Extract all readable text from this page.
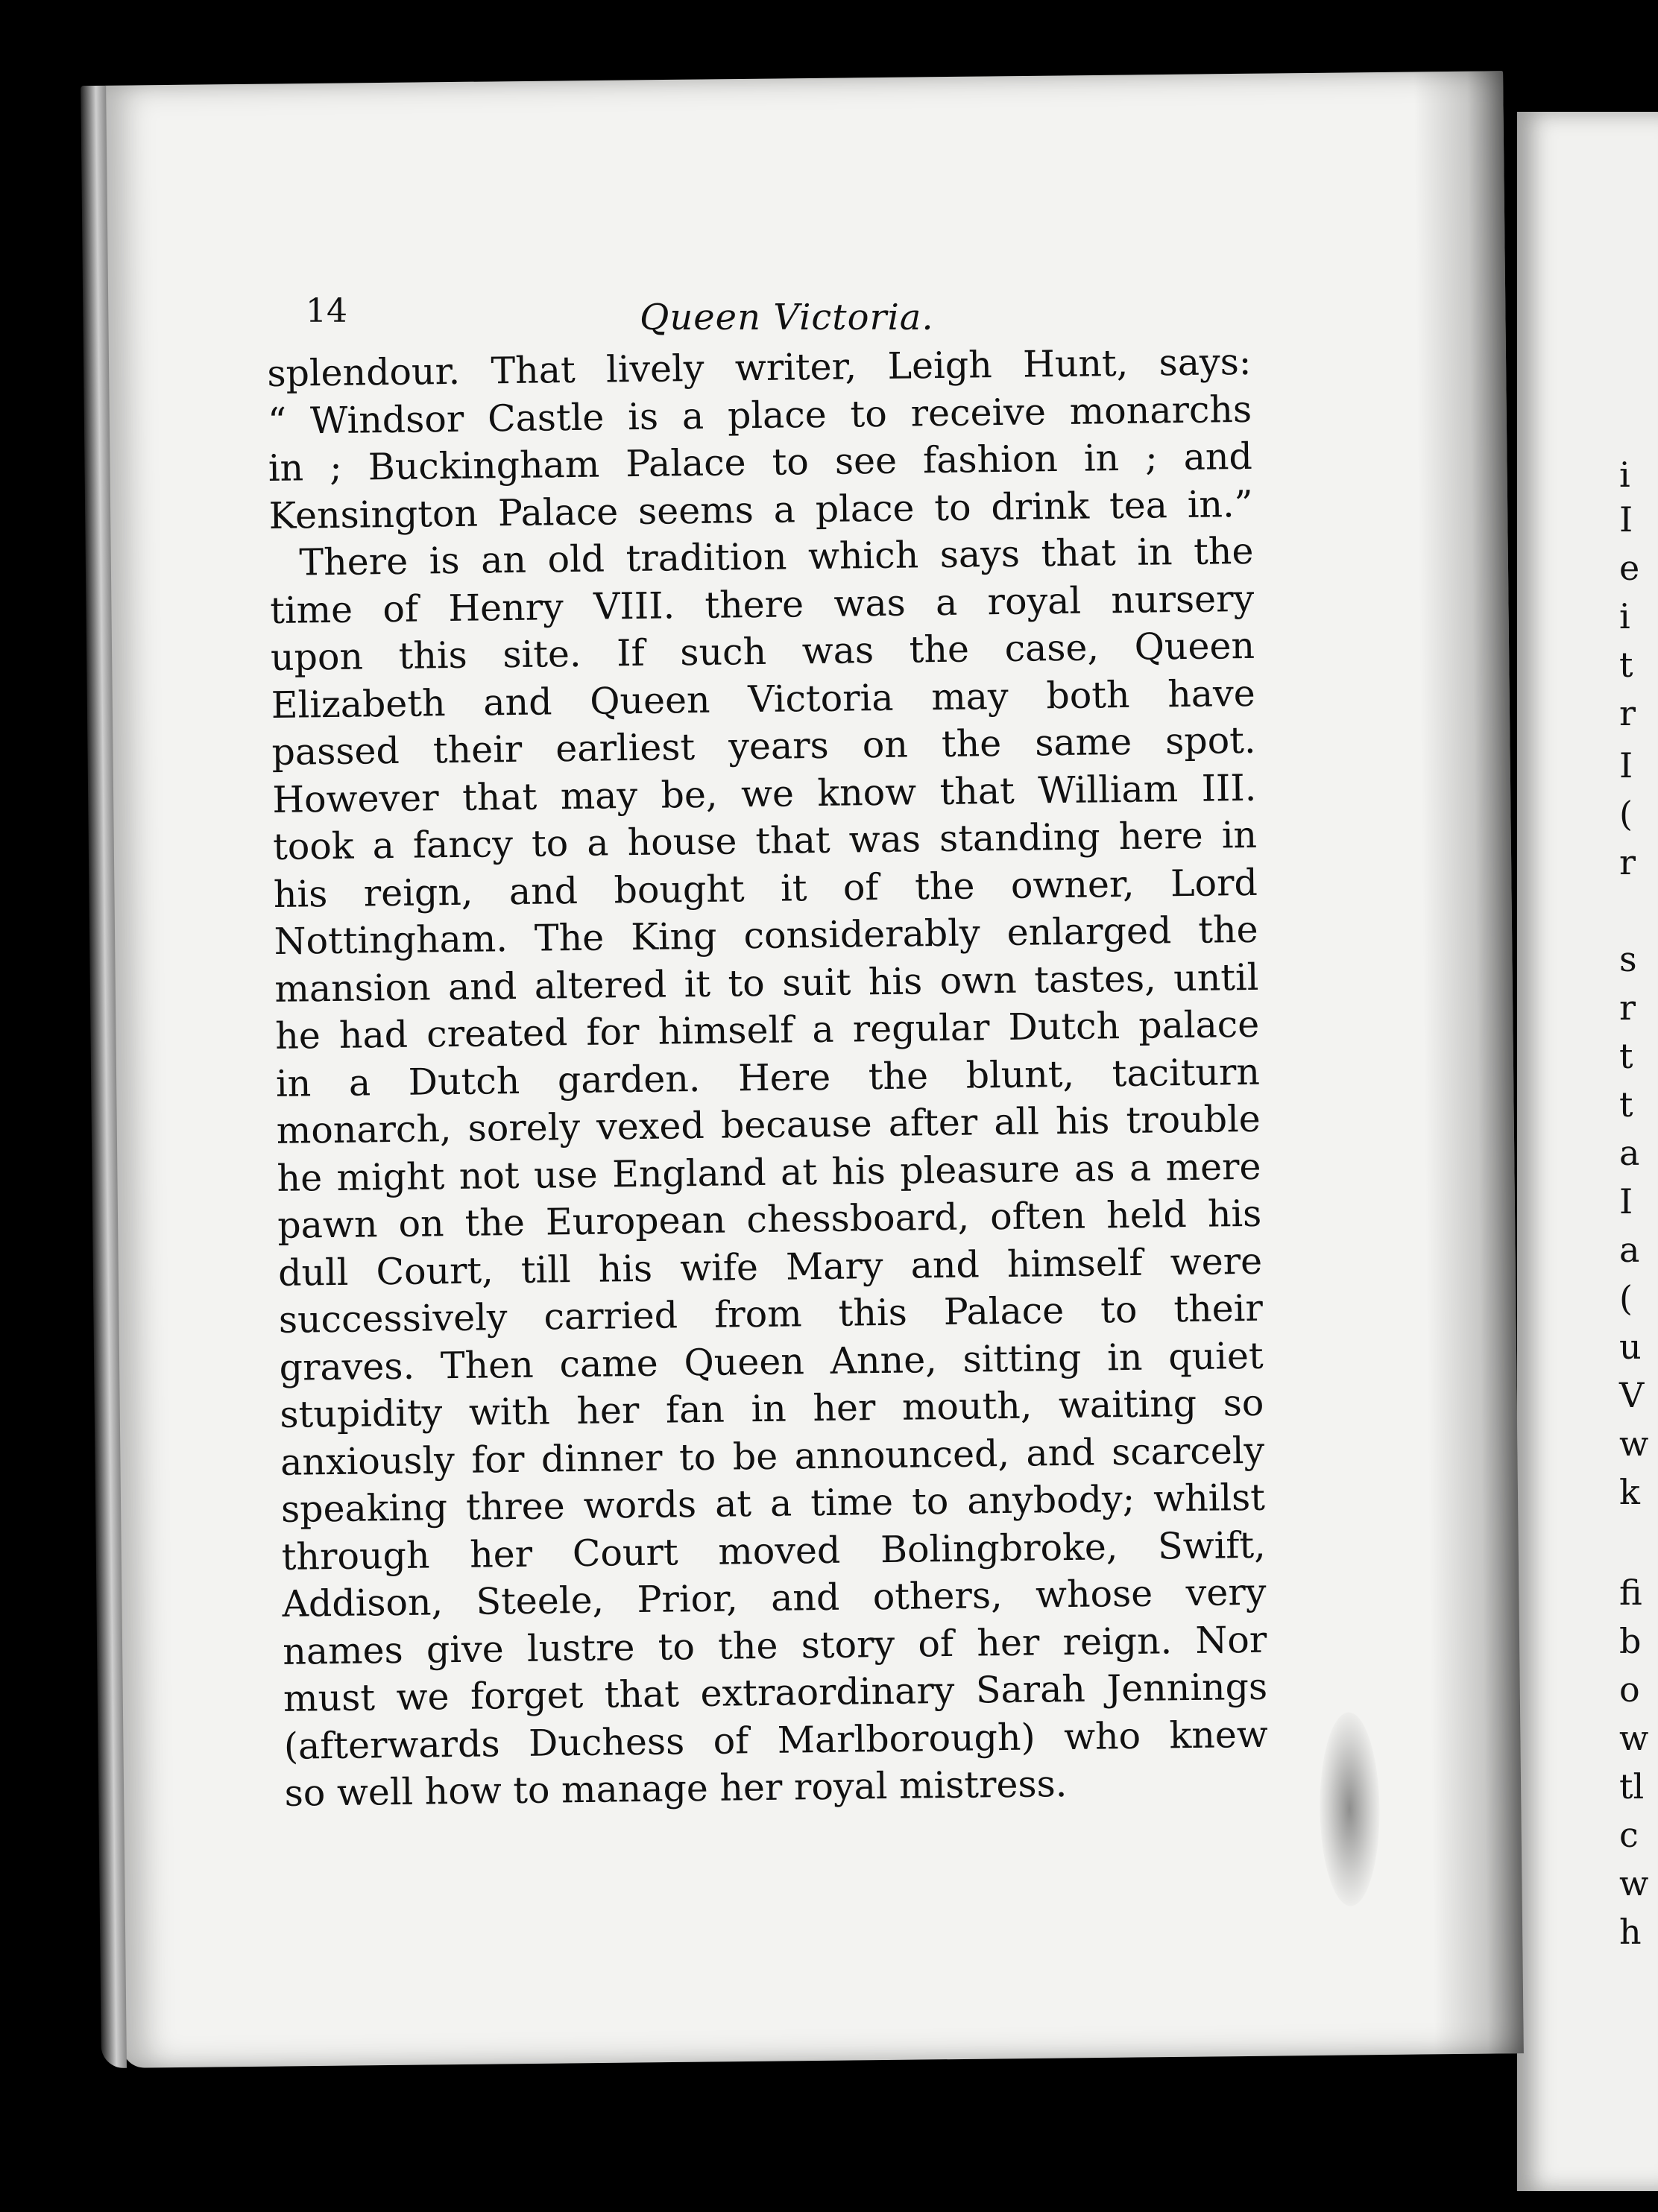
14	Queen Victoria.
splendour. That lively writer, Leigh Hunt, says:
“ Windsor Castle is a place to receive monarchs
in ; Buckingham Palace to see fashion in ; and
Kensington Palace seems a place to drink tea in.”
There is an old tradition which says that in the
time of Henry VIII. there was a royal nursery
upon this site. If such was the case, Queen
Elizabeth and Queen Victoria may both have
passed their earliest years on the same spot.
However that may be, we know that William III.
took a fancy to a house that was standing here in
his reign, and bought it of the owner, Lord
Nottingham. The King considerably enlarged the
mansion and altered it to suit his own tastes, until
he had created for himself a regular Dutch palace
in a Dutch garden. Here the blunt, taciturn
monarch, sorely vexed because after all his trouble
he might not use England at his pleasure as a mere
pawn on the European chessboard, often held his
dull Court, till his wife Mary and himself were
successively carried from this Palace to their
graves. Then came Queen Anne, sitting in quiet
stupidity with her fan in her mouth, waiting so
anxiously for dinner to be announced, and scarcely
speaking three words at a time to anybody; whilst
through her Court moved Bolingbroke, Swift,
Addison, Steele, Prior, and others, whose very
names give lustre to the story of her reign. Nor
must we forget that extraordinary Sarah Jennings
(afterwards Duchess of Marlborough) who knew
so well how to manage her royal mistress.
i
I
e
i
t
r
I
(
r
s
r
t
t
a
I
a
(
u
V
w
k
fi
b
o
w
tl
c
w
h
